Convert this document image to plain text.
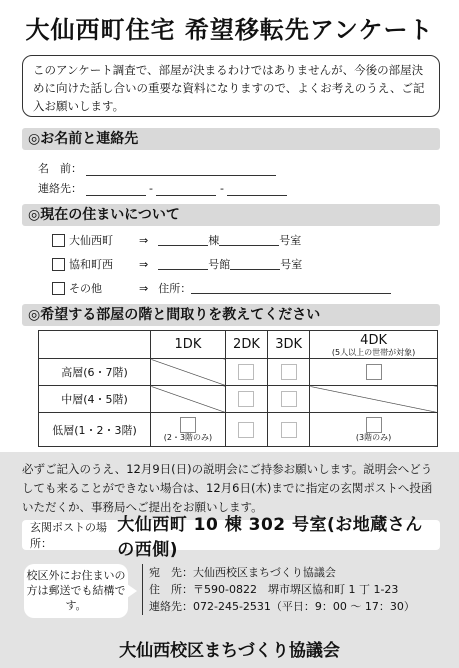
大仙西町住宅 希望移転先アンケート
このアンケート調査で、部屋が決まるわけではありませんが、今後の部屋決めに向けた話し合いの重要な資料になりますので、よくお考えのうえ、ご記入お願いします。
◎お名前と連絡先
名　前：
連絡先：	-	-
◎現在の住まいについて
大仙西町	⇒	棟	号室
協和町西	⇒	号館	号室
その他	⇒ 住所：
◎希望する部屋の階と間取りを教えてください
	1DK	2DK	3DK	4DK
(5人以上の世帯が対象)

高層(6・7階)				
中層(4・5階)				
低層(1・2・3階)	(2・3階のみ)			(3階のみ)
必ずご記入のうえ、12月9日(日)の説明会にご持参お願いします。説明会へどうしても来ることができない場合は、12月6日(木)までに指定の玄関ポストへ投函いただくか、事務局へご提出をお願いします。
玄関ポストの場所：
大仙西町 10 棟 302 号室(お地蔵さんの西側)
校区外にお住まいの方は郵送でも結構です。
宛　先：大仙西校区まちづくり協議会
住　所：〒590-0822　堺市堺区協和町 1 丁 1-23
連絡先：072-245-2531（平日：9：00 ～ 17：30）
大仙西校区まちづくり協議会
